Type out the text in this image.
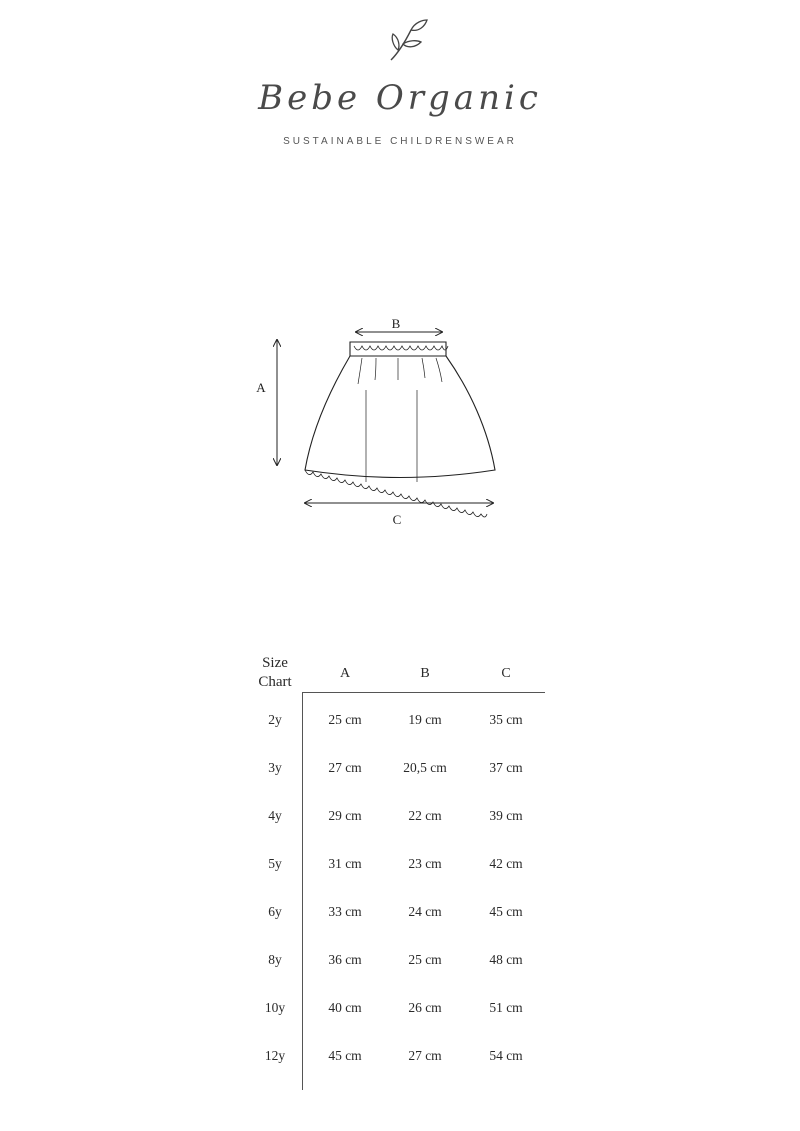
Bebe Organic
SUSTAINABLE CHILDRENSWEAR
B
A
C
Size
Chart
A	B	C
2y	25 cm	19 cm	35 cm
3y	27 cm	20,5 cm	37 cm
4y	29 cm	22 cm	39 cm
5y	31 cm	23 cm	42 cm
6y	33 cm	24 cm	45 cm
8y	36 cm	25 cm	48 cm
10y	40 cm	26 cm	51 cm
12y	45 cm	27 cm	54 cm
